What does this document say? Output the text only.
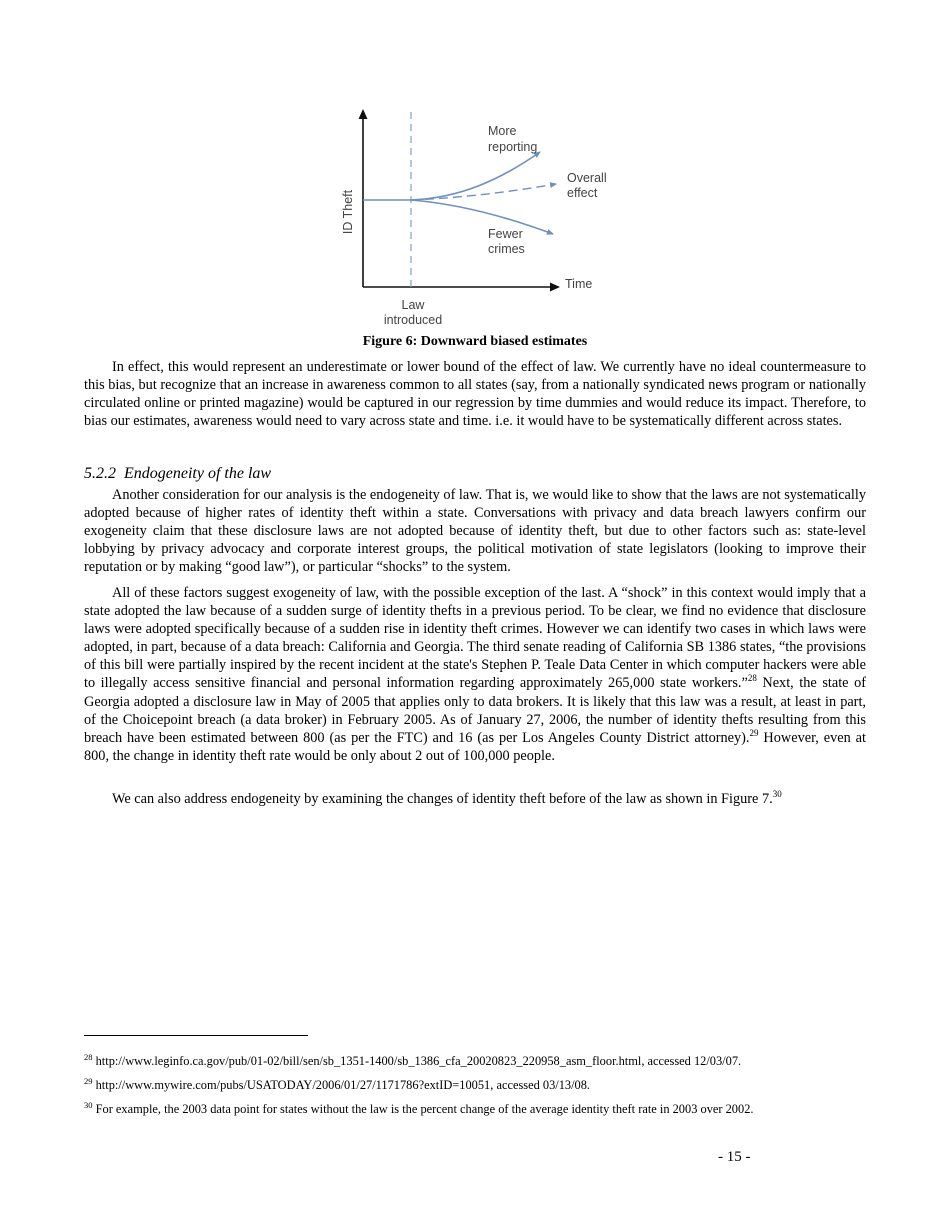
ID Theft
Time
Law
introduced
More
reporting
Overall
effect
Fewer
crimes
Figure 6: Downward biased estimates

In effect, this would represent an underestimate or lower bound of the effect of law. We currently have no ideal countermeasure to this bias, but recognize that an increase in awareness common to all states (say, from a nationally syndicated news program or nationally circulated online or printed magazine) would be captured in our regression by time dummies and would reduce its impact. Therefore, to bias our estimates, awareness would need to vary across state and time. i.e. it would have to be systematically different across states.

5.2.2 Endogeneity of the law

Another consideration for our analysis is the endogeneity of law. That is, we would like to show that the laws are not systematically adopted because of higher rates of identity theft within a state. Conversations with privacy and data breach lawyers confirm our exogeneity claim that these disclosure laws are not adopted because of identity theft, but due to other factors such as: state-level lobbying by privacy advocacy and corporate interest groups, the political motivation of state legislators (looking to improve their reputation or by making “good law”), or particular “shocks” to the system.

All of these factors suggest exogeneity of law, with the possible exception of the last. A “shock” in this context would imply that a state adopted the law because of a sudden surge of identity thefts in a previous period. To be clear, we find no evidence that disclosure laws were adopted specifically because of a sudden rise in identity theft crimes. However we can identify two cases in which laws were adopted, in part, because of a data breach: California and Georgia. The third senate reading of California SB 1386 states, “the provisions of this bill were partially inspired by the recent incident at the state's Stephen P. Teale Data Center in which computer hackers were able to illegally access sensitive financial and personal information regarding approximately 265,000 state workers.”$^{28}$ Next, the state of Georgia adopted a disclosure law in May of 2005 that applies only to data brokers. It is likely that this law was a result, at least in part, of the Choicepoint breach (a data broker) in February 2005. As of January 27, 2006, the number of identity thefts resulting from this breach have been estimated between 800 (as per the FTC) and 16 (as per Los Angeles County District attorney).$^{29}$ However, even at 800, the change in identity theft rate would be only about 2 out of 100,000 people.

We can also address endogeneity by examining the changes of identity theft before of the law as shown in Figure 7.30

$^{28}$ http://www.leginfo.ca.gov/pub/01-02/bill/sen/sb_1351-1400/sb_1386_cfa_20020823_220958_asm_floor.html, accessed 12/03/07.
$^{29}$ http://www.mywire.com/pubs/USATODAY/2006/01/27/1171786?extID=10051, accessed 03/13/08.
$^{30}$ For example, the 2003 data point for states without the law is the percent change of the average identity theft rate in 2003 over 2002.
- 15 -
